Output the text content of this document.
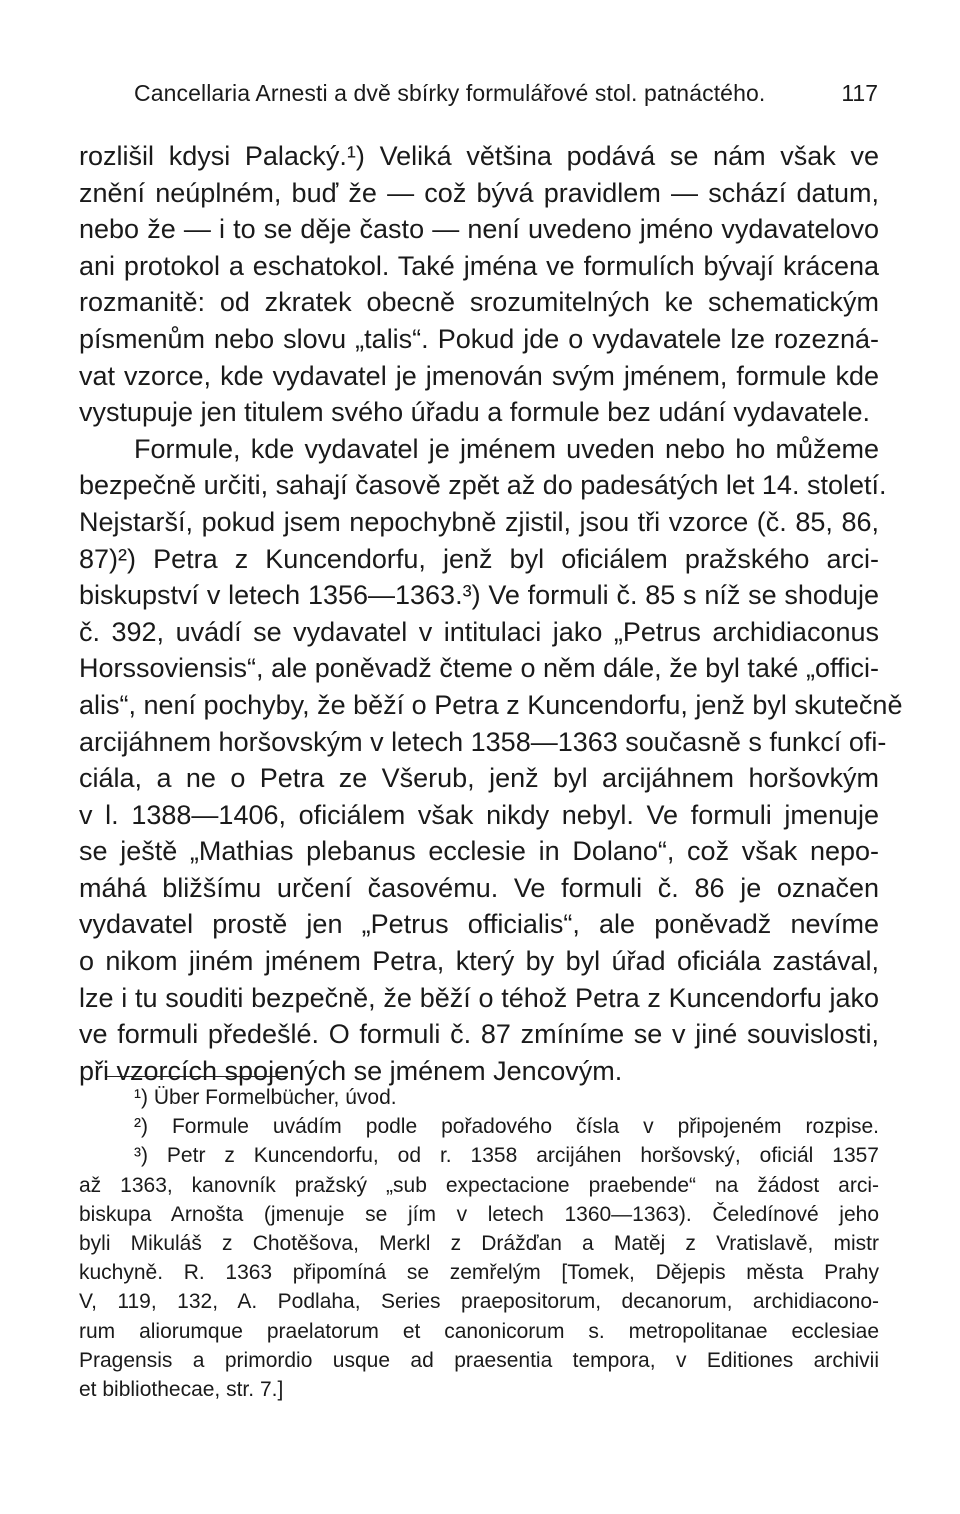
Cancellaria Arnesti a dvě sbírky formulářové stol. patnáctého.	117
rozlišil kdysi Palacký.¹) Veliká většina podává se nám však ve
znění neúplném, buď že — což bývá pravidlem — schází datum,
nebo že — i to se děje často — není uvedeno jméno vydavatelovo
ani protokol a eschatokol. Také jména ve formulích bývají krácena
rozmanitě: od zkratek obecně srozumitelných ke schematickým
písmenům nebo slovu „talis“. Pokud jde o vydavatele lze rozezná-
vat vzorce, kde vydavatel je jmenován svým jménem, formule kde
vystupuje jen titulem svého úřadu a formule bez udání vydavatele.
Formule, kde vydavatel je jménem uveden nebo ho můžeme
bezpečně určiti, sahají časově zpět až do padesátých let 14. století.
Nejstarší, pokud jsem nepochybně zjistil, jsou tři vzorce (č. 85, 86,
87)²) Petra z Kuncendorfu, jenž byl oficiálem pražského arci-
biskupství v letech 1356—1363.³) Ve formuli č. 85 s níž se shoduje
č. 392, uvádí se vydavatel v intitulaci jako „Petrus archidiaconus
Horssoviensis“, ale poněvadž čteme o něm dále, že byl také „offici-
alis“, není pochyby, že běží o Petra z Kuncendorfu, jenž byl skutečně
arcijáhnem horšovským v letech 1358—1363 současně s funkcí ofi-
ciála, a ne o Petra ze Všerub, jenž byl arcijáhnem horšovkým
v l. 1388—1406, oficiálem však nikdy nebyl. Ve formuli jmenuje
se ještě „Mathias plebanus ecclesie in Dolano“, což však nepo-
máhá bližšímu určení časovému. Ve formuli č. 86 je označen
vydavatel prostě jen „Petrus officialis“, ale poněvadž nevíme
o nikom jiném jménem Petra, který by byl úřad oficiála zastával,
lze i tu souditi bezpečně, že běží o téhož Petra z Kuncendorfu jako
ve formuli předešlé. O formuli č. 87 zmíníme se v jiné souvislosti,
při vzorcích spojených se jménem Jencovým.
¹) Über Formelbücher, úvod.
²) Formule uvádím podle pořadového čísla v připojeném rozpise.
³) Petr z Kuncendorfu, od r. 1358 arcijáhen horšovský, oficiál 1357
až 1363, kanovník pražský „sub expectacione praebende“ na žádost arci-
biskupa Arnošta (jmenuje se jím v letech 1360—1363). Čeledínové jeho
byli Mikuláš z Chotěšova, Merkl z Drážďan a Matěj z Vratislavě, mistr
kuchyně. R. 1363 připomíná se zemřelým [Tomek, Dějepis města Prahy
V, 119, 132, A. Podlaha, Series praepositorum, decanorum, archidiacono-
rum aliorumque praelatorum et canonicorum s. metropolitanae ecclesiae
Pragensis a primordio usque ad praesentia tempora, v Editiones archivii
et bibliothecae, str. 7.]
